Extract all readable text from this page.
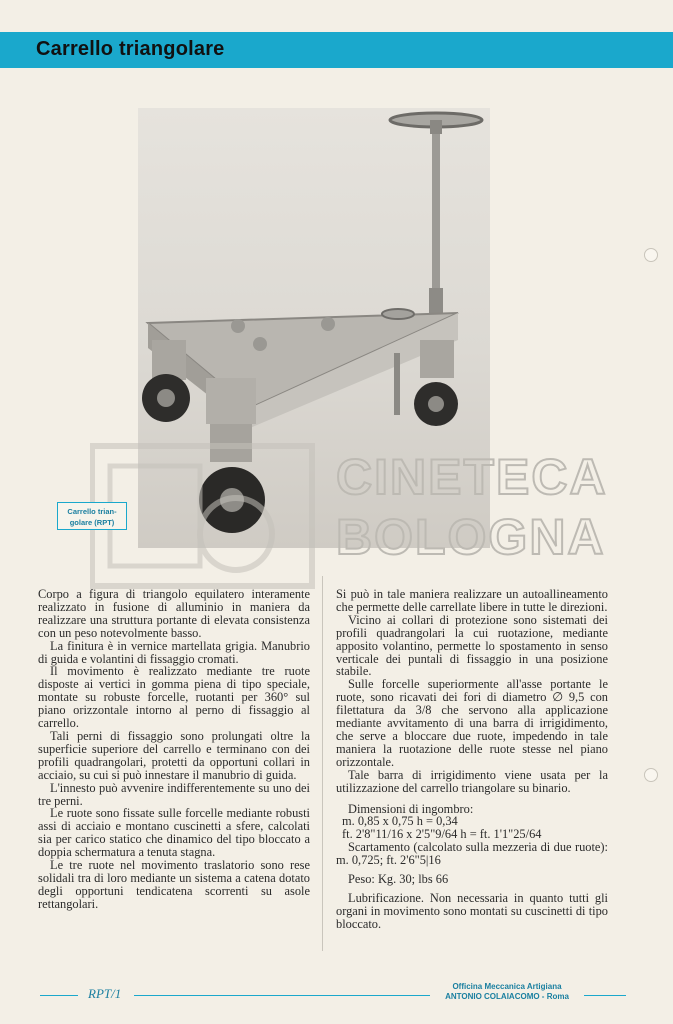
Carrello triangolare
CINETECA
BOLOGNA
Carrello trian-
golare (RPT)

Corpo a figura di triangolo equilatero interamente realizzato in fusione di alluminio in maniera da realizzare una struttura portante di elevata consistenza con un peso notevolmente basso.

La finitura è in vernice martellata grigia. Manubrio di guida e volantini di fissaggio cromati.

Il movimento è realizzato mediante tre ruote disposte ai vertici in gomma piena di tipo speciale, montate su robuste forcelle, ruotanti per 360° sul piano orizzontale intorno al perno di fissaggio al carrello.

Tali perni di fissaggio sono prolungati oltre la superficie superiore del carrello e terminano con dei profili quadrangolari, protetti da opportuni collari in acciaio, su cui si può innestare il manubrio di guida.

L'innesto può avvenire indifferentemente su uno dei tre perni.

Le ruote sono fissate sulle forcelle mediante robusti assi di acciaio e montano cuscinetti a sfere, calcolati sia per carico statico che dinamico del tipo bloccato a doppia schermatura a tenuta stagna.

Le tre ruote nel movimento traslatorio sono rese solidali tra di loro mediante un sistema a catena dotato degli opportuni tendicatena scorrenti su asole rettangolari.

Si può in tale maniera realizzare un autoallineamento che permette delle carrellate libere in tutte le direzioni.

Vicino ai collari di protezione sono sistemati dei profili quadrangolari la cui ruotazione, mediante apposito volantino, permette lo spostamento in senso verticale dei puntali di fissaggio in una posizione stabile.

Sulle forcelle superiormente all'asse portante le ruote, sono ricavati dei fori di diametro ∅ 9,5 con filettatura da 3/8 che servono alla applicazione mediante avvitamento di una barra di irrigidimento, che serve a bloccare due ruote, impedendo in tale maniera la ruotazione delle ruote stesse nel piano orizzontale.

Tale barra di irrigidimento viene usata per la utilizzazione del carrello triangolare su binario.

Dimensioni di ingombro:

m. 0,85 x 0,75 h = 0,34

ft. 2'8"11/16 x 2'5"9/64 h = ft. 1'1"25/64

Scartamento (calcolato sulla mezzeria di due ruote): m. 0,725; ft. 2'6"5|16

Peso: Kg. 30; lbs 66

Lubrificazione. Non necessaria in quanto tutti gli organi in movimento sono montati su cuscinetti di tipo bloccato.

RPT/1	Officina Meccanica Artigiana
ANTONIO COLAIACOMO - Roma
